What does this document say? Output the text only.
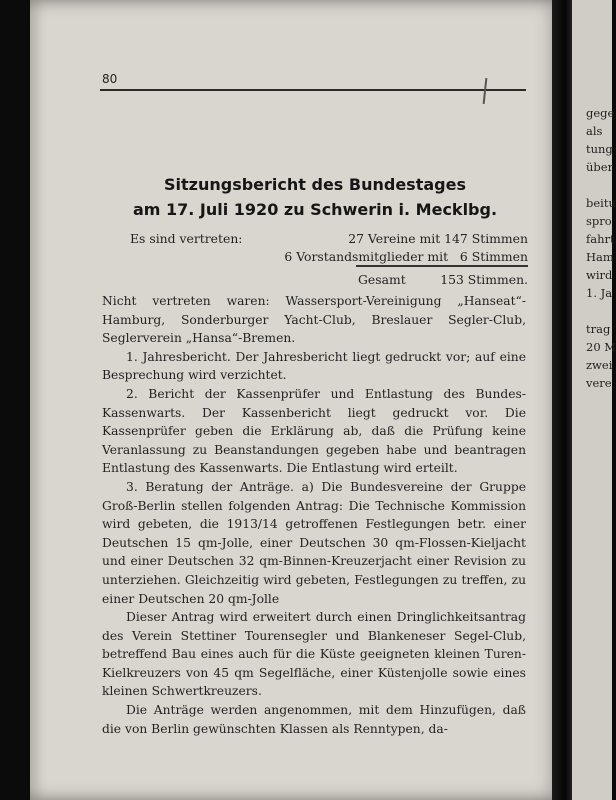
gege
als
tung
über
beitu
spro
fahrt
Ham
wird
1. Ja
trag
20 M
zwei
vere
80
Sitzungsbericht des Bundestages
am 17. Juli 1920 zu Schwerin i. Mecklbg.
Es sind vertreten:	27 Vereine mit 147 Stimmen
6 Vorstandsmitglieder mit   6 Stimmen
Gesamt	153 Stimmen.

Nicht vertreten waren: Wassersport-Vereinigung „Hanseat“-Hamburg, Sonderburger Yacht-Club, Breslauer Segler-Club, Seglerverein „Hansa“-Bremen.

1. Jahresbericht. Der Jahresbericht liegt gedruckt vor; auf eine Besprechung wird verzichtet.

2. Bericht der Kassenprüfer und Entlastung des Bundes-Kassenwarts. Der Kassenbericht liegt gedruckt vor. Die Kassenprüfer geben die Erklärung ab, daß die Prüfung keine Veranlassung zu Beanstandungen gegeben habe und beantragen Entlastung des Kassenwarts. Die Entlastung wird erteilt.

3. Beratung der Anträge. a) Die Bundesvereine der Gruppe Groß-Berlin stellen folgenden Antrag: Die Technische Kommission wird gebeten, die 1913/14 getroffenen Festlegungen betr. einer Deutschen 15 qm-Jolle, einer Deutschen 30 qm-Flossen-Kieljacht und einer Deutschen 32 qm-Binnen-Kreuzerjacht einer Revision zu unterziehen. Gleichzeitig wird gebeten, Festlegungen zu treffen, zu einer Deutschen 20 qm-Jolle

Dieser Antrag wird erweitert durch einen Dringlichkeitsantrag des Verein Stettiner Tourensegler und Blankeneser Segel-Club, betreffend Bau eines auch für die Küste geeigneten kleinen Turen-Kielkreuzers von 45 qm Segelfläche, einer Küstenjolle sowie eines kleinen Schwertkreuzers.

Die Anträge werden angenommen, mit dem Hinzufügen, daß die von Berlin gewünschten Klassen als Renntypen, da-
